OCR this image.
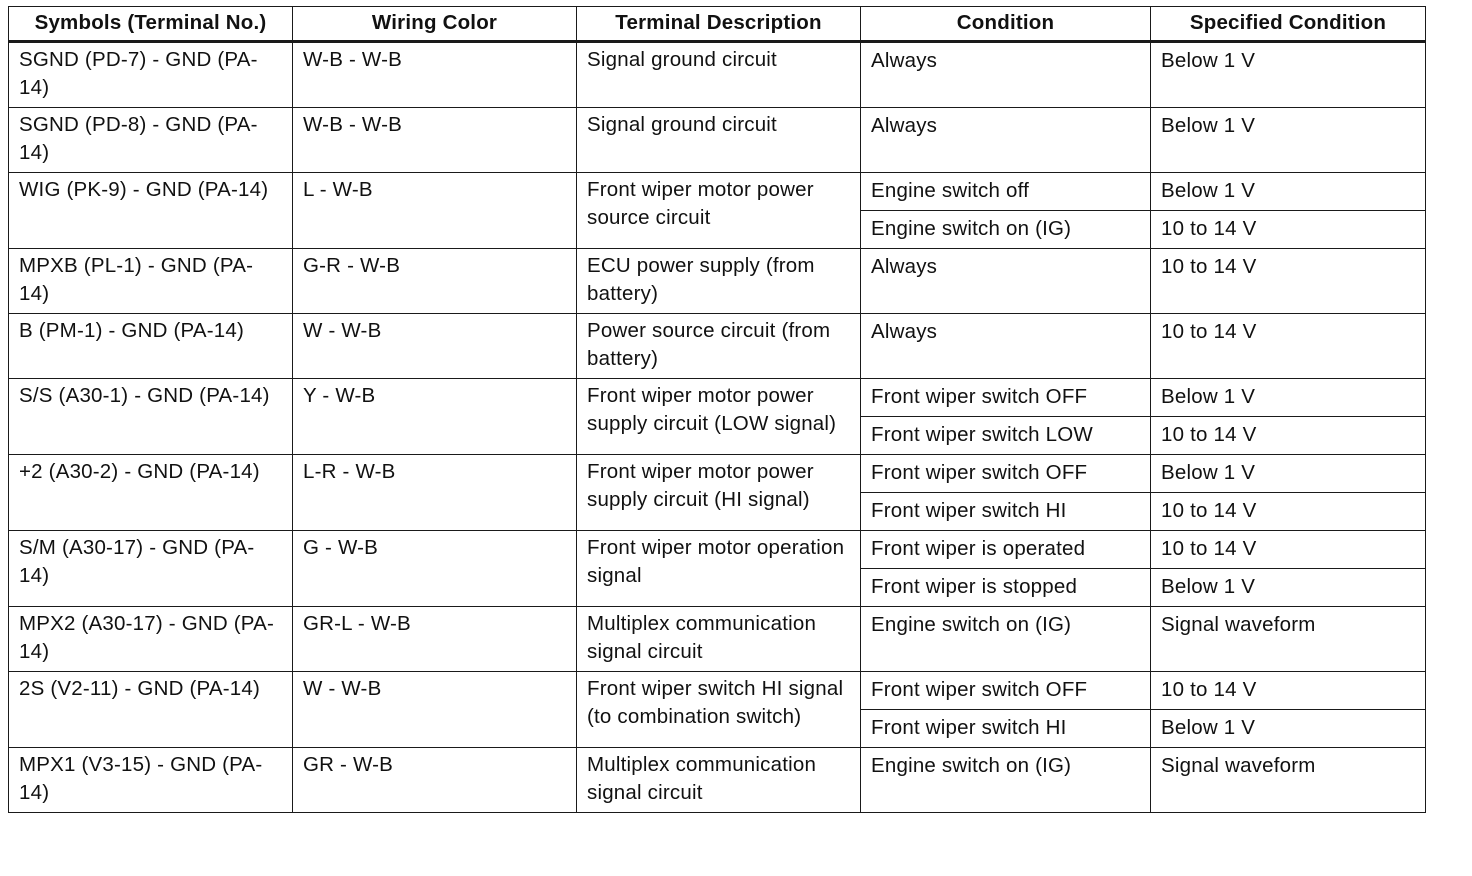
Symbols (Terminal No.)	Wiring Color	Terminal Description	Condition	Specified Condition
SGND (PD-7) - GND (PA-14)	W-B - W-B	Signal ground circuit	Always	Below 1 V
SGND (PD-8) - GND (PA-14)	W-B - W-B	Signal ground circuit	Always	Below 1 V
WIG (PK-9) - GND (PA-14)	L - W-B	Front wiper motor power source circuit	Engine switch off	Below 1 V
			Engine switch on (IG)	10 to 14 V
MPXB (PL-1) - GND (PA-14)	G-R - W-B	ECU power supply (from battery)	Always	10 to 14 V
B (PM-1) - GND (PA-14)	W - W-B	Power source circuit (from battery)	Always	10 to 14 V
S/S (A30-1) - GND (PA-14)	Y - W-B	Front wiper motor power supply circuit (LOW signal)	Front wiper switch OFF	Below 1 V
			Front wiper switch LOW	10 to 14 V
+2 (A30-2) - GND (PA-14)	L-R - W-B	Front wiper motor power supply circuit (HI signal)	Front wiper switch OFF	Below 1 V
			Front wiper switch HI	10 to 14 V
S/M (A30-17) - GND (PA-14)	G - W-B	Front wiper motor operation signal	Front wiper is operated	10 to 14 V
			Front wiper is stopped	Below 1 V
MPX2 (A30-17) - GND (PA-14)	GR-L - W-B	Multiplex communication signal circuit	Engine switch on (IG)	Signal waveform
2S (V2-11) - GND (PA-14)	W - W-B	Front wiper switch HI signal (to combination switch)	Front wiper switch OFF	10 to 14 V
			Front wiper switch HI	Below 1 V
MPX1 (V3-15) - GND (PA-14)	GR - W-B	Multiplex communication signal circuit	Engine switch on (IG)	Signal waveform
